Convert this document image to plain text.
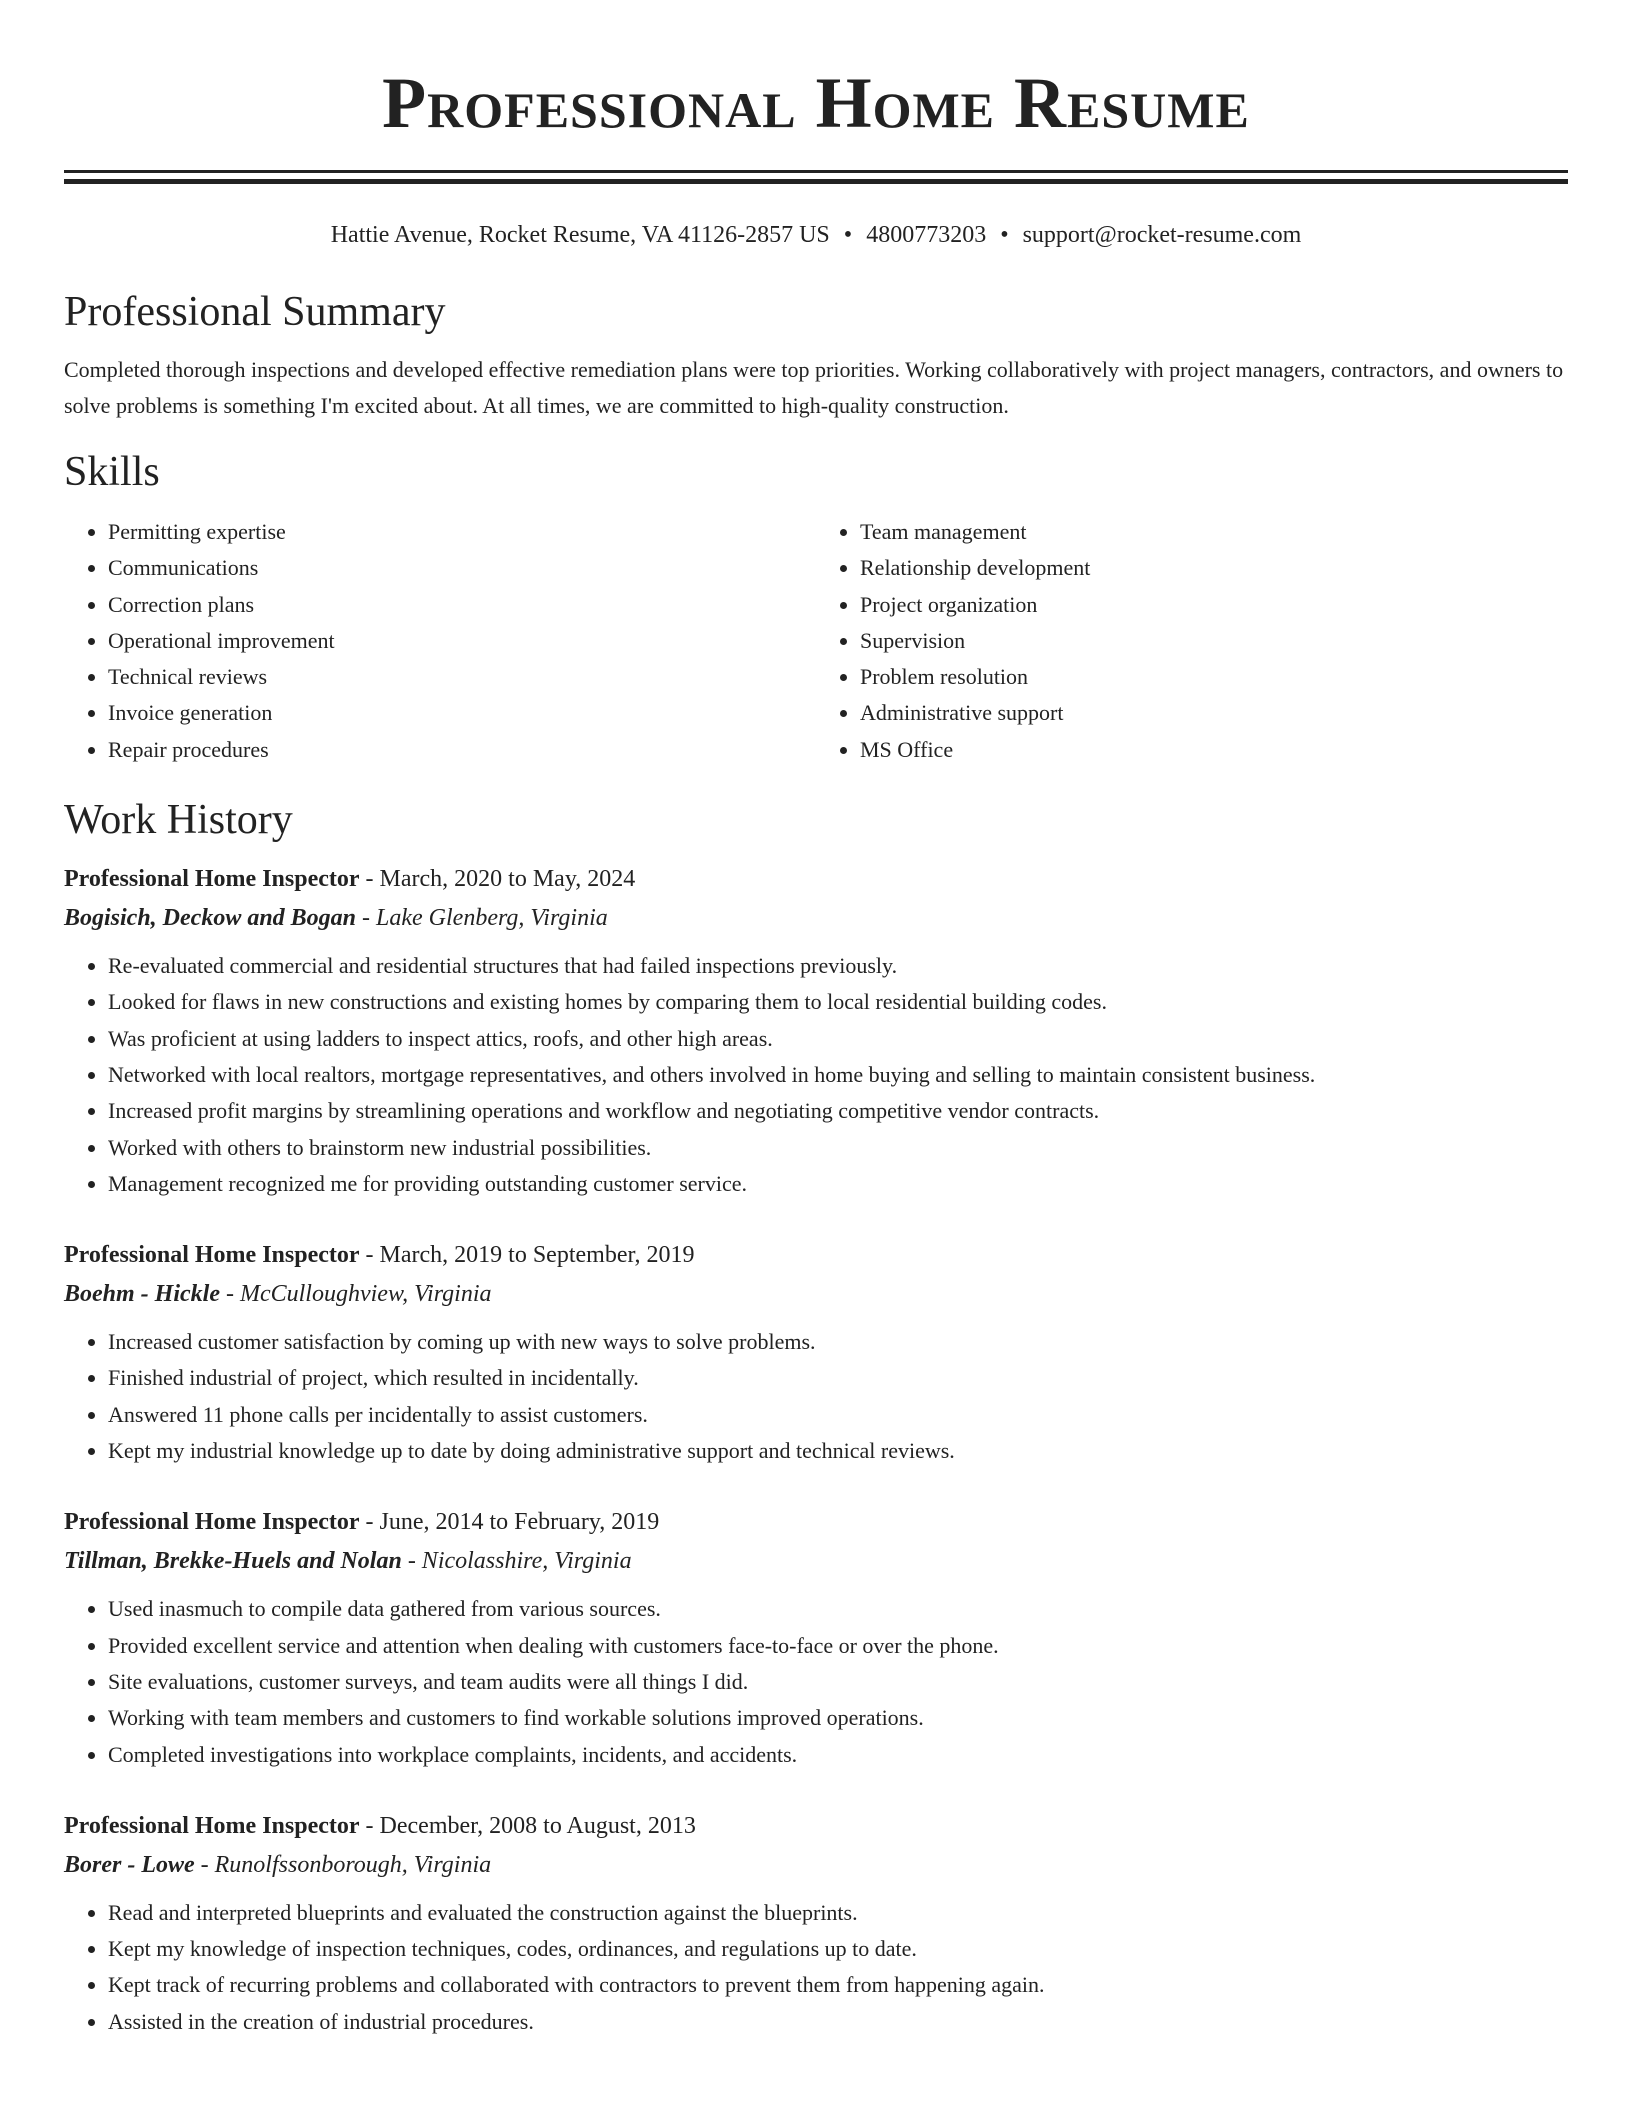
Professional Home Resume
Hattie Avenue, Rocket Resume, VA 41126-2857 US • 4800773203 • support@rocket-resume.com
Professional Summary
Completed thorough inspections and developed effective remediation plans were top priorities. Working collaboratively with project managers, contractors, and owners to solve problems is something I'm excited about. At all times, we are committed to high-quality construction.
Skills
• Permitting expertise
• Communications
• Correction plans
• Operational improvement
• Technical reviews
• Invoice generation
• Repair procedures
• Team management
• Relationship development
• Project organization
• Supervision
• Problem resolution
• Administrative support
• MS Office
Work History
Professional Home Inspector - March, 2020 to May, 2024
Bogisich, Deckow and Bogan - Lake Glenberg, Virginia
• Re-evaluated commercial and residential structures that had failed inspections previously.
• Looked for flaws in new constructions and existing homes by comparing them to local residential building codes.
• Was proficient at using ladders to inspect attics, roofs, and other high areas.
• Networked with local realtors, mortgage representatives, and others involved in home buying and selling to maintain consistent business.
• Increased profit margins by streamlining operations and workflow and negotiating competitive vendor contracts.
• Worked with others to brainstorm new industrial possibilities.
• Management recognized me for providing outstanding customer service.
Professional Home Inspector - March, 2019 to September, 2019
Boehm - Hickle - McCulloughview, Virginia
• Increased customer satisfaction by coming up with new ways to solve problems.
• Finished industrial of project, which resulted in incidentally.
• Answered 11 phone calls per incidentally to assist customers.
• Kept my industrial knowledge up to date by doing administrative support and technical reviews.
Professional Home Inspector - June, 2014 to February, 2019
Tillman, Brekke-Huels and Nolan - Nicolasshire, Virginia
• Used inasmuch to compile data gathered from various sources.
• Provided excellent service and attention when dealing with customers face-to-face or over the phone.
• Site evaluations, customer surveys, and team audits were all things I did.
• Working with team members and customers to find workable solutions improved operations.
• Completed investigations into workplace complaints, incidents, and accidents.
Professional Home Inspector - December, 2008 to August, 2013
Borer - Lowe - Runolfssonborough, Virginia
• Read and interpreted blueprints and evaluated the construction against the blueprints.
• Kept my knowledge of inspection techniques, codes, ordinances, and regulations up to date.
• Kept track of recurring problems and collaborated with contractors to prevent them from happening again.
• Assisted in the creation of industrial procedures.
